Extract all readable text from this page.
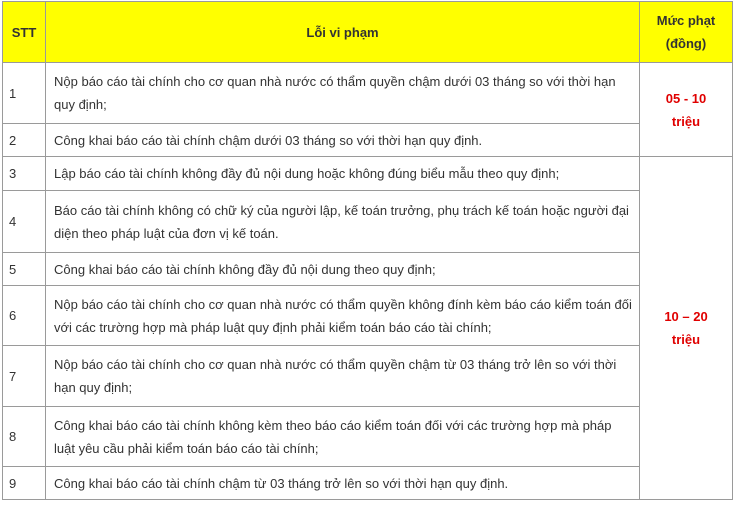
STT	Lỗi vi phạm	Mức phạt
(đồng)
1	Nộp báo cáo tài chính cho cơ quan nhà nước có thẩm quyền chậm dưới 03 tháng so với thời hạn quy định;	05 - 10
triệu
2	Công khai báo cáo tài chính chậm dưới 03 tháng so với thời hạn quy định.	
3	Lập báo cáo tài chính không đầy đủ nội dung hoặc không đúng biểu mẫu theo quy định;	10 – 20
triệu
4	Báo cáo tài chính không có chữ ký của người lập, kế toán trưởng, phụ trách kế toán hoặc người đại diện theo pháp luật của đơn vị kế toán.	
5	Công khai báo cáo tài chính không đầy đủ nội dung theo quy định;	
6	Nộp báo cáo tài chính cho cơ quan nhà nước có thẩm quyền không đính kèm báo cáo kiểm toán đối với các trường hợp mà pháp luật quy định phải kiểm toán báo cáo tài chính;	
7	Nộp báo cáo tài chính cho cơ quan nhà nước có thẩm quyền chậm từ 03 tháng trở lên so với thời hạn quy định;	
8	Công khai báo cáo tài chính không kèm theo báo cáo kiểm toán đối với các trường hợp mà pháp luật yêu cầu phải kiểm toán báo cáo tài chính;	
9	Công khai báo cáo tài chính chậm từ 03 tháng trở lên so với thời hạn quy định.	
